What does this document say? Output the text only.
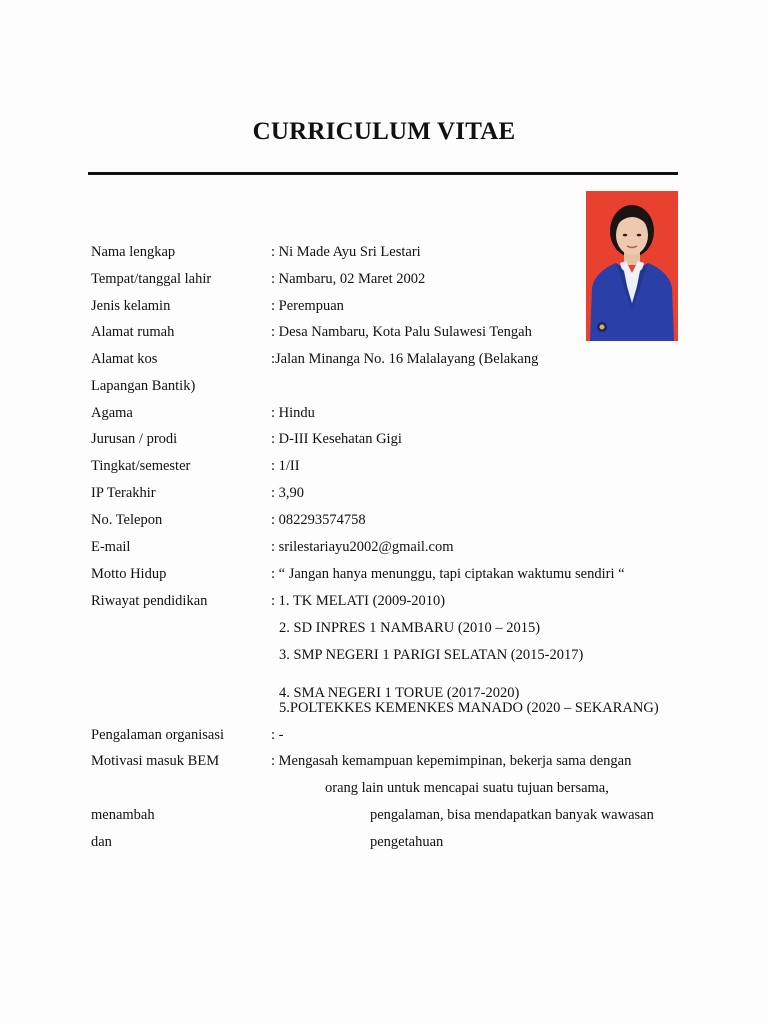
CURRICULUM VITAE
Nama lengkap
Tempat/tanggal lahir
Jenis kelamin
Alamat rumah
Alamat kos
Lapangan Bantik)
Agama
Jurusan / prodi
Tingkat/semester
IP Terakhir
No. Telepon
E-mail
Motto Hidup
Riwayat pendidikan
Pengalaman organisasi
Motivasi masuk BEM
: Ni Made Ayu Sri Lestari
: Nambaru, 02 Maret 2002
: Perempuan
: Desa Nambaru, Kota Palu Sulawesi Tengah
:Jalan Minanga No. 16 Malalayang (Belakang
: Hindu
: D-III Kesehatan Gigi
: 1/II
: 3,90
: 082293574758
: srilestariayu2002@gmail.com
: “ Jangan hanya menunggu, tapi ciptakan waktumu sendiri “
: 1. TK MELATI (2009-2010)
2. SD INPRES 1 NAMBARU (2010 – 2015)
3. SMP NEGERI 1 PARIGI SELATAN (2015-2017)
4. SMA NEGERI 1 TORUE (2017-2020)
5.POLTEKKES KEMENKES MANADO (2020 – SEKARANG)
: -
: Mengasah kemampuan kepemimpinan, bekerja sama dengan
orang lain untuk mencapai suatu tujuan bersama,
menambah	pengalaman, bisa mendapatkan banyak wawasan
dan	pengetahuan
